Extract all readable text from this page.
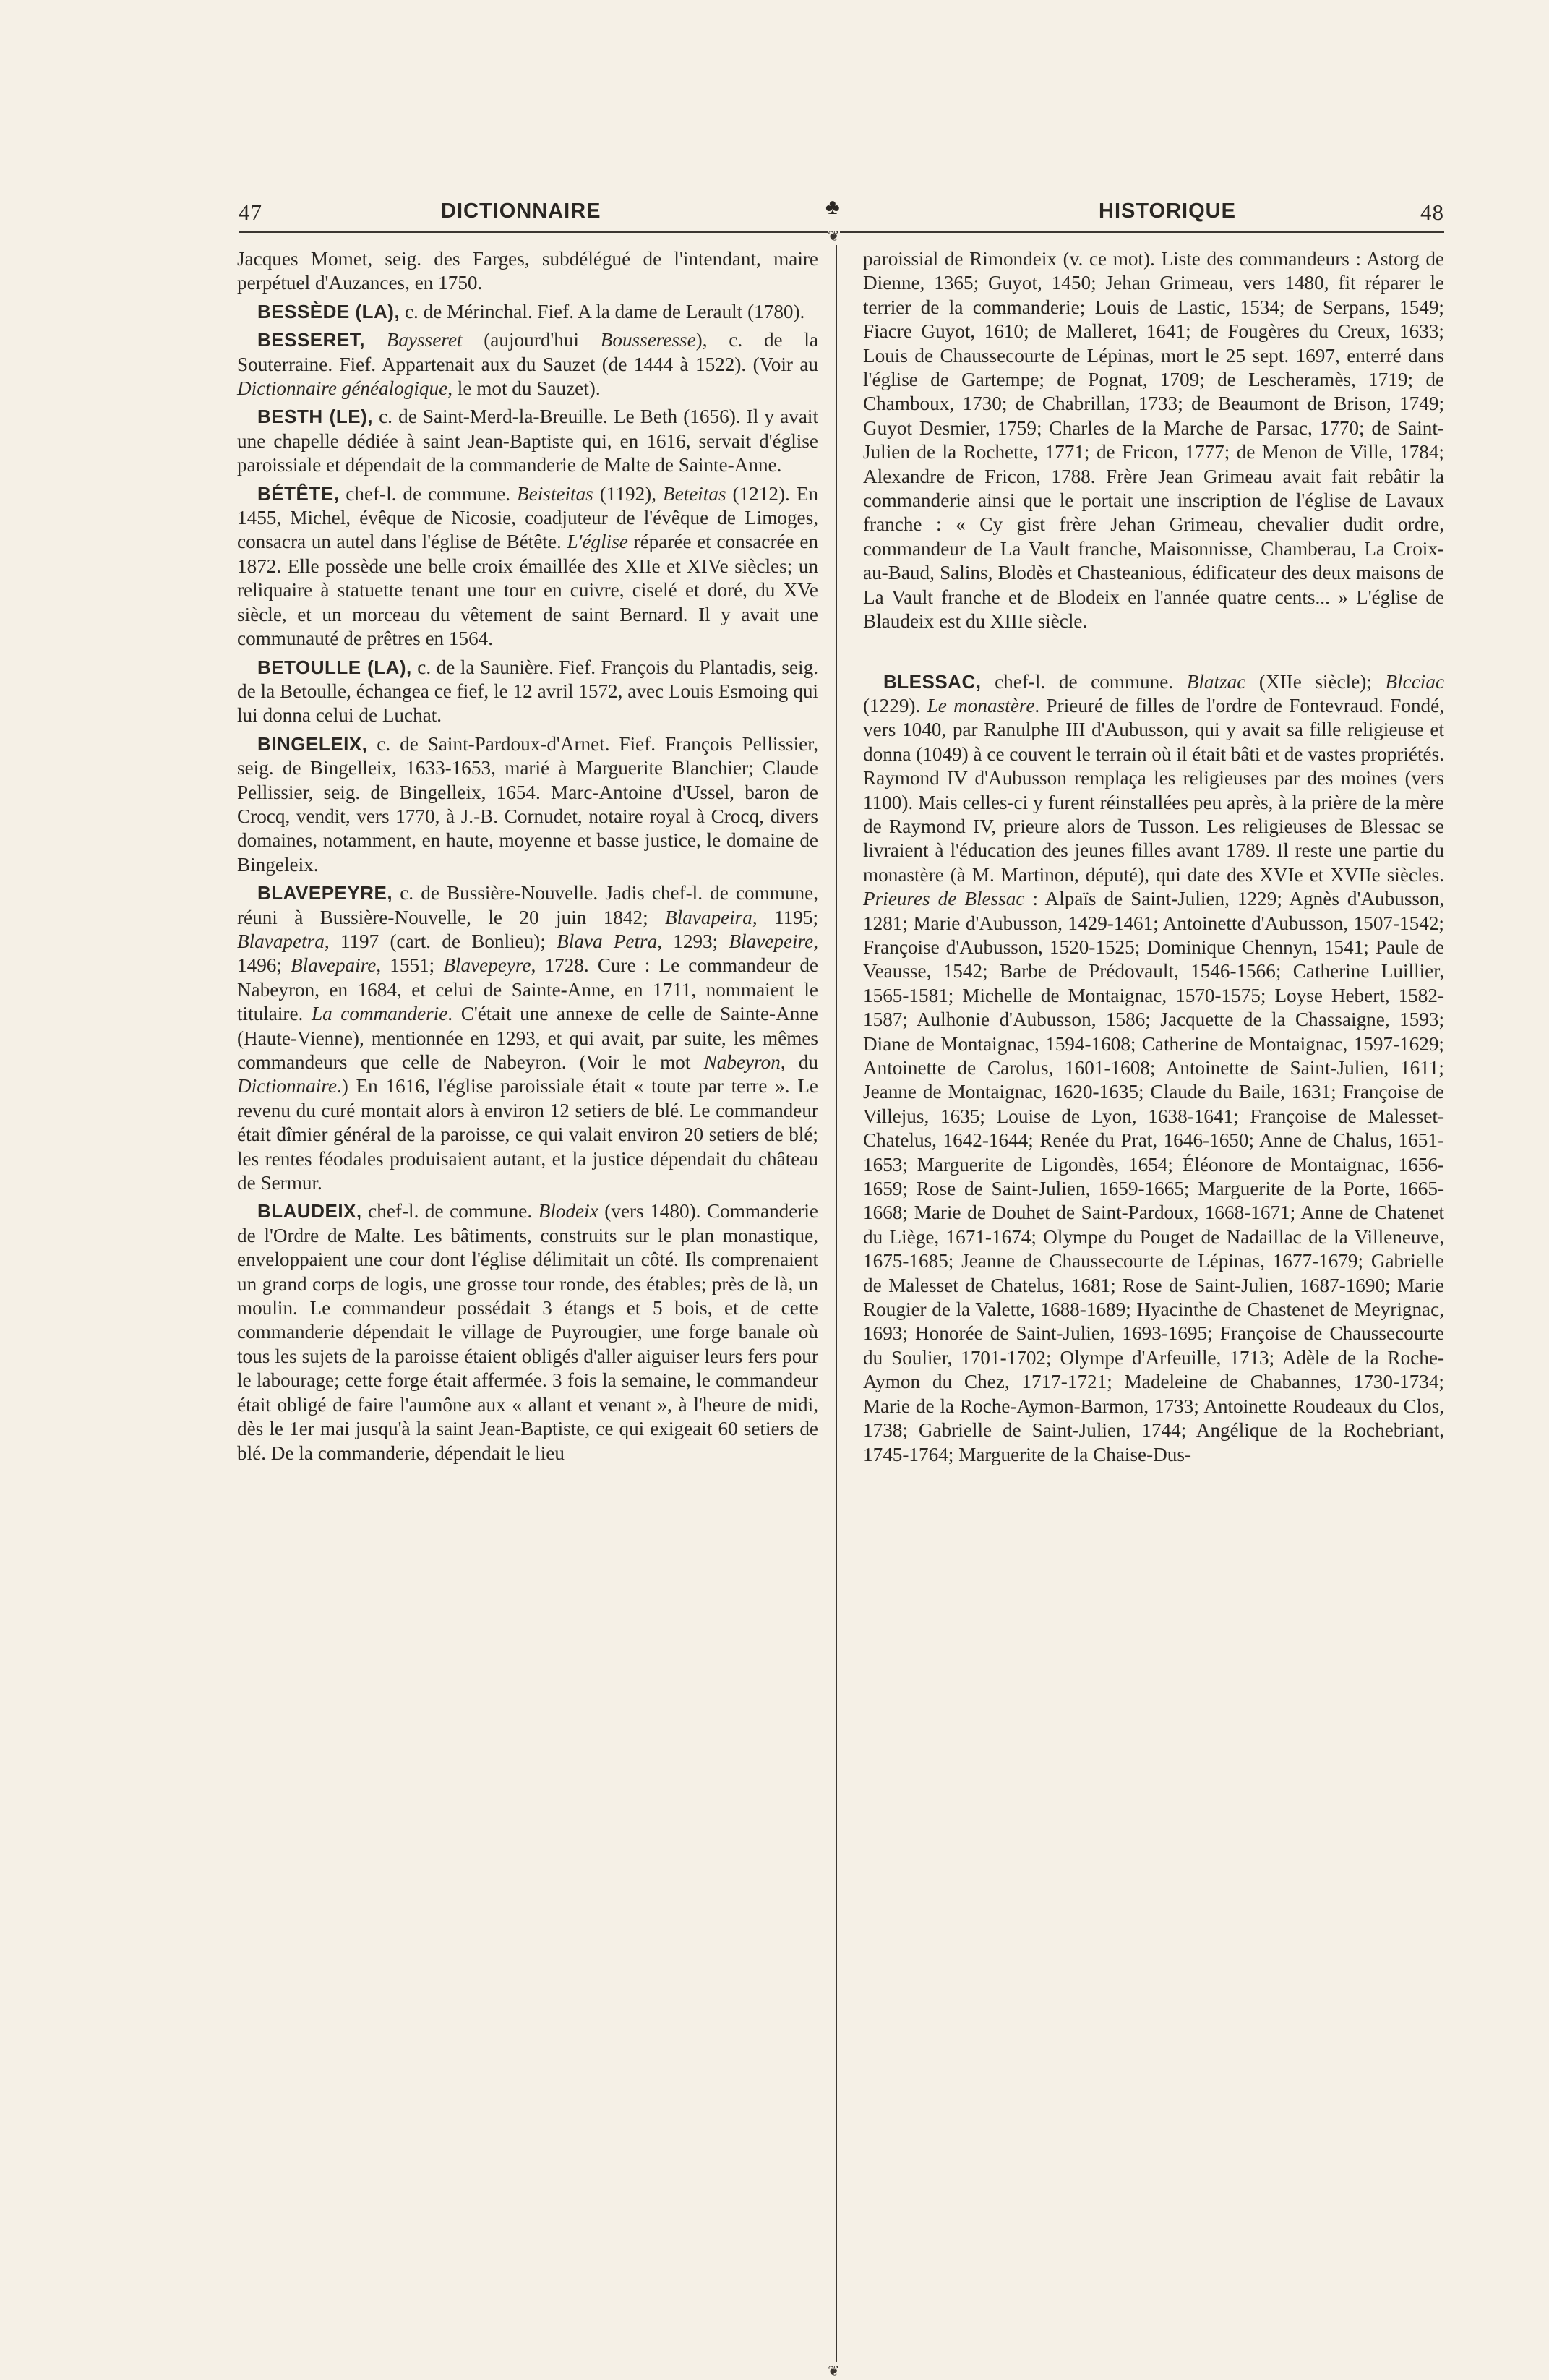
47	DICTIONNAIRE	♣	HISTORIQUE	48
❦ ❦

Jacques Momet, seig. des Farges, subdélégué de l'intendant, maire perpétuel d'Auzances, en 1750.

BESSÈDE (LA), c. de Mérinchal. Fief. A la dame de Lerault (1780).

BESSERET, Baysseret (aujourd'hui Bousseresse), c. de la Souterraine. Fief. Appartenait aux du Sauzet (de 1444 à 1522). (Voir au Dictionnaire généalogique, le mot du Sauzet).

BESTH (LE), c. de Saint-Merd-la-Breuille. Le Beth (1656). Il y avait une chapelle dédiée à saint Jean-Baptiste qui, en 1616, servait d'église paroissiale et dépendait de la commanderie de Malte de Sainte-Anne.

BÉTÊTE, chef-l. de commune. Beisteitas (1192), Beteitas (1212). En 1455, Michel, évêque de Nicosie, coadjuteur de l'évêque de Limoges, consacra un autel dans l'église de Bétête. L'église réparée et consacrée en 1872. Elle possède une belle croix émaillée des XIIe et XIVe siècles; un reliquaire à statuette tenant une tour en cuivre, ciselé et doré, du XVe siècle, et un morceau du vêtement de saint Bernard. Il y avait une communauté de prêtres en 1564.

BETOULLE (LA), c. de la Saunière. Fief. François du Plantadis, seig. de la Betoulle, échangea ce fief, le 12 avril 1572, avec Louis Esmoing qui lui donna celui de Luchat.

BINGELEIX, c. de Saint-Pardoux-d'Arnet. Fief. François Pellissier, seig. de Bingelleix, 1633-1653, marié à Marguerite Blanchier; Claude Pellissier, seig. de Bingelleix, 1654. Marc-Antoine d'Ussel, baron de Crocq, vendit, vers 1770, à J.-B. Cornudet, notaire royal à Crocq, divers domaines, notamment, en haute, moyenne et basse justice, le domaine de Bingeleix.

BLAVEPEYRE, c. de Bussière-Nouvelle. Jadis chef-l. de commune, réuni à Bussière-Nouvelle, le 20 juin 1842; Blavapeira, 1195; Blavapetra, 1197 (cart. de Bonlieu); Blava Petra, 1293; Blavepeire, 1496; Blavepaire, 1551; Blavepeyre, 1728. Cure : Le commandeur de Nabeyron, en 1684, et celui de Sainte-Anne, en 1711, nommaient le titulaire. La commanderie. C'était une annexe de celle de Sainte-Anne (Haute-Vienne), mentionnée en 1293, et qui avait, par suite, les mêmes commandeurs que celle de Nabeyron. (Voir le mot Nabeyron, du Dictionnaire.) En 1616, l'église paroissiale était « toute par terre ». Le revenu du curé montait alors à environ 12 setiers de blé. Le commandeur était dîmier général de la paroisse, ce qui valait environ 20 setiers de blé; les rentes féodales produisaient autant, et la justice dépendait du château de Sermur.

BLAUDEIX, chef-l. de commune. Blodeix (vers 1480). Commanderie de l'Ordre de Malte. Les bâtiments, construits sur le plan monastique, enveloppaient une cour dont l'église délimitait un côté. Ils comprenaient un grand corps de logis, une grosse tour ronde, des étables; près de là, un moulin. Le commandeur possédait 3 étangs et 5 bois, et de cette commanderie dépendait le village de Puyrougier, une forge banale où tous les sujets de la paroisse étaient obligés d'aller aiguiser leurs fers pour le labourage; cette forge était affermée. 3 fois la semaine, le commandeur était obligé de faire l'aumône aux « allant et venant », à l'heure de midi, dès le 1er mai jusqu'à la saint Jean-Baptiste, ce qui exigeait 60 setiers de blé. De la commanderie, dépendait le lieu

paroissial de Rimondeix (v. ce mot). Liste des commandeurs : Astorg de Dienne, 1365; Guyot, 1450; Jehan Grimeau, vers 1480, fit réparer le terrier de la commanderie; Louis de Lastic, 1534; de Serpans, 1549; Fiacre Guyot, 1610; de Malleret, 1641; de Fougères du Creux, 1633; Louis de Chaussecourte de Lépinas, mort le 25 sept. 1697, enterré dans l'église de Gartempe; de Pognat, 1709; de Lescheramès, 1719; de Chamboux, 1730; de Chabrillan, 1733; de Beaumont de Brison, 1749; Guyot Desmier, 1759; Charles de la Marche de Parsac, 1770; de Saint-Julien de la Rochette, 1771; de Fricon, 1777; de Menon de Ville, 1784; Alexandre de Fricon, 1788. Frère Jean Grimeau avait fait rebâtir la commanderie ainsi que le portait une inscription de l'église de Lavaux franche : « Cy gist frère Jehan Grimeau, chevalier dudit ordre, commandeur de La Vault franche, Maisonnisse, Chamberau, La Croix-au-Baud, Salins, Blodès et Chasteanious, édificateur des deux maisons de La Vault franche et de Blodeix en l'année quatre cents... » L'église de Blaudeix est du XIIIe siècle.

BLESSAC, chef-l. de commune. Blatzac (XIIe siècle); Blcciac (1229). Le monastère. Prieuré de filles de l'ordre de Fontevraud. Fondé, vers 1040, par Ranulphe III d'Aubusson, qui y avait sa fille religieuse et donna (1049) à ce couvent le terrain où il était bâti et de vastes propriétés. Raymond IV d'Aubusson remplaça les religieuses par des moines (vers 1100). Mais celles-ci y furent réinstallées peu après, à la prière de la mère de Raymond IV, prieure alors de Tusson. Les religieuses de Blessac se livraient à l'éducation des jeunes filles avant 1789. Il reste une partie du monastère (à M. Martinon, député), qui date des XVIe et XVIIe siècles. Prieures de Blessac : Alpaïs de Saint-Julien, 1229; Agnès d'Aubusson, 1281; Marie d'Aubusson, 1429-1461; Antoinette d'Aubusson, 1507-1542; Françoise d'Aubusson, 1520-1525; Dominique Chennyn, 1541; Paule de Veausse, 1542; Barbe de Prédovault, 1546-1566; Catherine Luillier, 1565-1581; Michelle de Montaignac, 1570-1575; Loyse Hebert, 1582-1587; Aulhonie d'Aubusson, 1586; Jacquette de la Chassaigne, 1593; Diane de Montaignac, 1594-1608; Catherine de Montaignac, 1597-1629; Antoinette de Carolus, 1601-1608; Antoinette de Saint-Julien, 1611; Jeanne de Montaignac, 1620-1635; Claude du Baile, 1631; Françoise de Villejus, 1635; Louise de Lyon, 1638-1641; Françoise de Malesset-Chatelus, 1642-1644; Renée du Prat, 1646-1650; Anne de Chalus, 1651-1653; Marguerite de Ligondès, 1654; Éléonore de Montaignac, 1656-1659; Rose de Saint-Julien, 1659-1665; Marguerite de la Porte, 1665-1668; Marie de Douhet de Saint-Pardoux, 1668-1671; Anne de Chatenet du Liège, 1671-1674; Olympe du Pouget de Nadaillac de la Villeneuve, 1675-1685; Jeanne de Chaussecourte de Lépinas, 1677-1679; Gabrielle de Malesset de Chatelus, 1681; Rose de Saint-Julien, 1687-1690; Marie Rougier de la Valette, 1688-1689; Hyacinthe de Chastenet de Meyrignac, 1693; Honorée de Saint-Julien, 1693-1695; Françoise de Chaussecourte du Soulier, 1701-1702; Olympe d'Arfeuille, 1713; Adèle de la Roche-Aymon du Chez, 1717-1721; Madeleine de Chabannes, 1730-1734; Marie de la Roche-Aymon-Barmon, 1733; Antoinette Roudeaux du Clos, 1738; Gabrielle de Saint-Julien, 1744; Angélique de la Rochebriant, 1745-1764; Marguerite de la Chaise-Dus-
